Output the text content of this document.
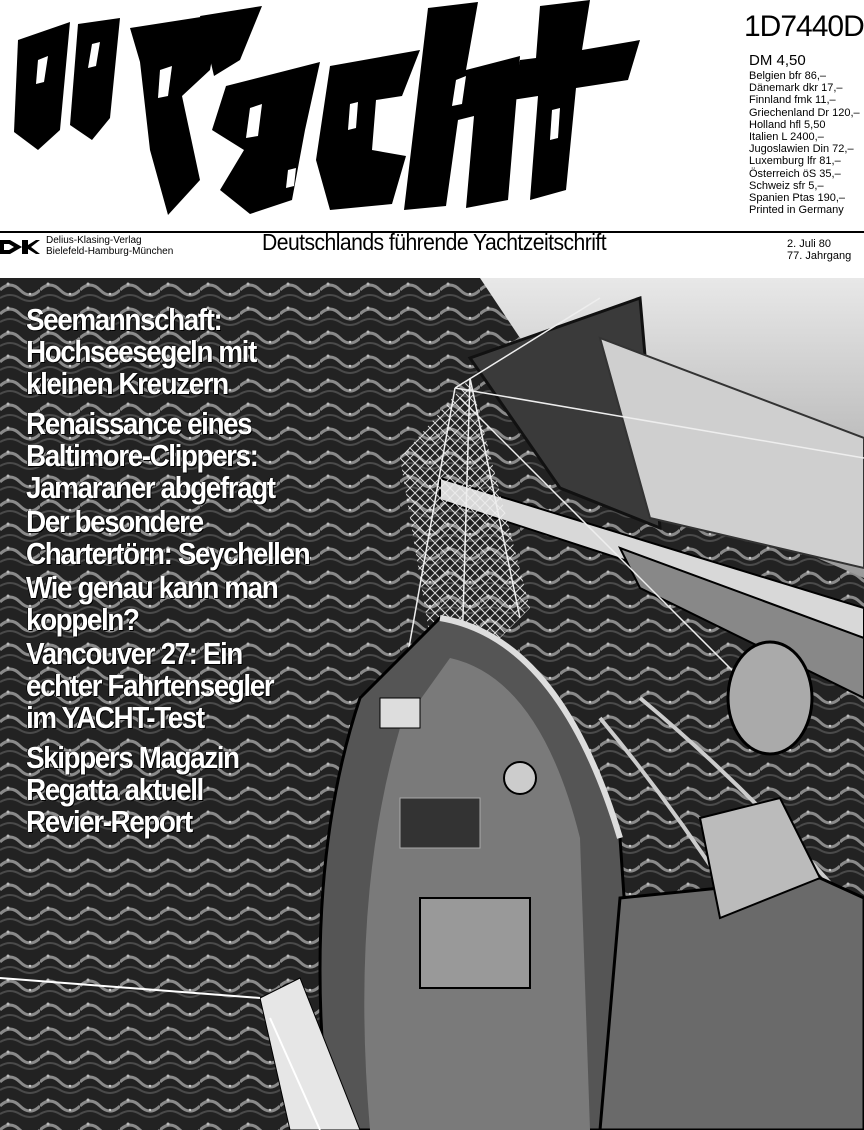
1D7440D
DM 4,50
Belgien bfr 86,–
Dänemark dkr 17,–
Finnland fmk 11,–
Griechenland Dr 120,–
Holland hfl 5,50
Italien L 2400,–
Jugoslawien Din 72,–
Luxemburg lfr 81,–
Österreich öS 35,–
Schweiz sfr 5,–
Spanien Ptas 190,–
Printed in Germany
Delius-Klasing-Verlag
Bielefeld-Hamburg-München	Deutschlands führende Yachtzeitschrift	2. Juli 80
77. Jahrgang
Seemannschaft:
Hochseesegeln mit
kleinen Kreuzern
Renaissance eines
Baltimore-Clippers:
Jamaraner abgefragt
Der besondere
Chartertörn: Seychellen
Wie genau kann man
koppeln?
Vancouver 27: Ein
echter Fahrtensegler
im YACHT-Test
Skippers Magazin
Regatta aktuell
Revier-Report
